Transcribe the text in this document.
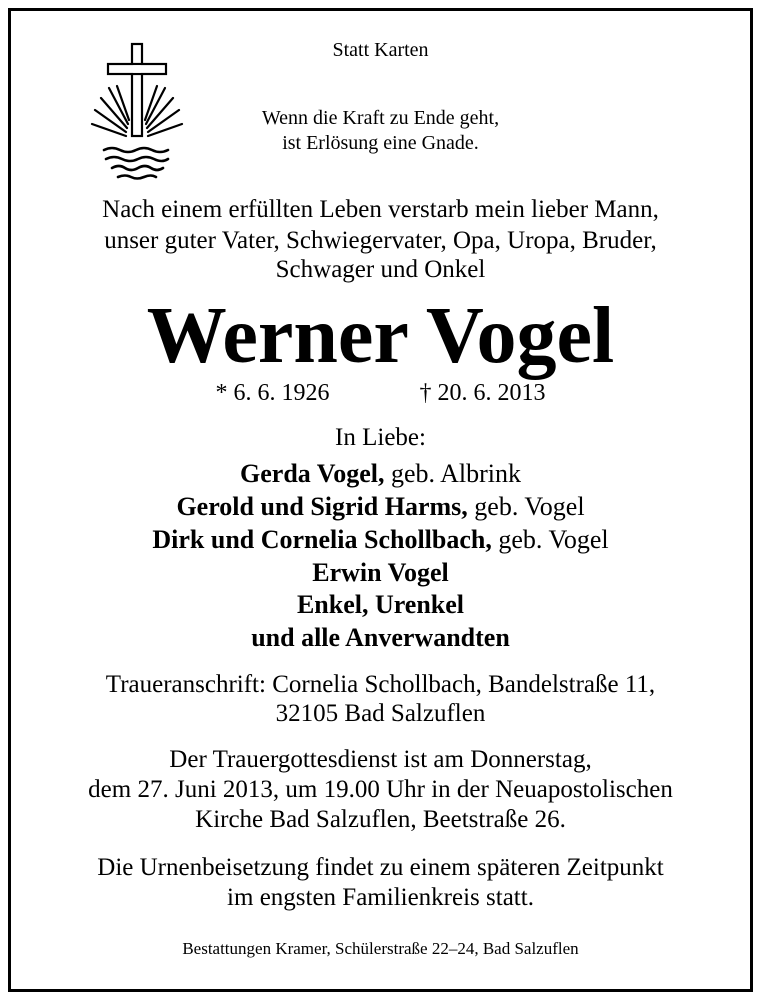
Statt Karten
Wenn die Kraft zu Ende geht,
ist Erlösung eine Gnade.
Nach einem erfüllten Leben verstarb mein lieber Mann,
unser guter Vater, Schwiegervater, Opa, Uropa, Bruder,
Schwager und Onkel
Werner Vogel
* 6. 6. 1926	† 20. 6. 2013
In Liebe:
Gerda Vogel, geb. Albrink
Gerold und Sigrid Harms, geb. Vogel
Dirk und Cornelia Schollbach, geb. Vogel
Erwin Vogel
Enkel, Urenkel
und alle Anverwandten
Traueranschrift: Cornelia Schollbach, Bandelstraße 11,
32105 Bad Salzuflen
Der Trauergottesdienst ist am Donnerstag,
dem 27. Juni 2013, um 19.00 Uhr in der Neuapostolischen
Kirche Bad Salzuflen, Beetstraße 26.
Die Urnenbeisetzung findet zu einem späteren Zeitpunkt
im engsten Familienkreis statt.
Bestattungen Kramer, Schülerstraße 22–24, Bad Salzuflen
